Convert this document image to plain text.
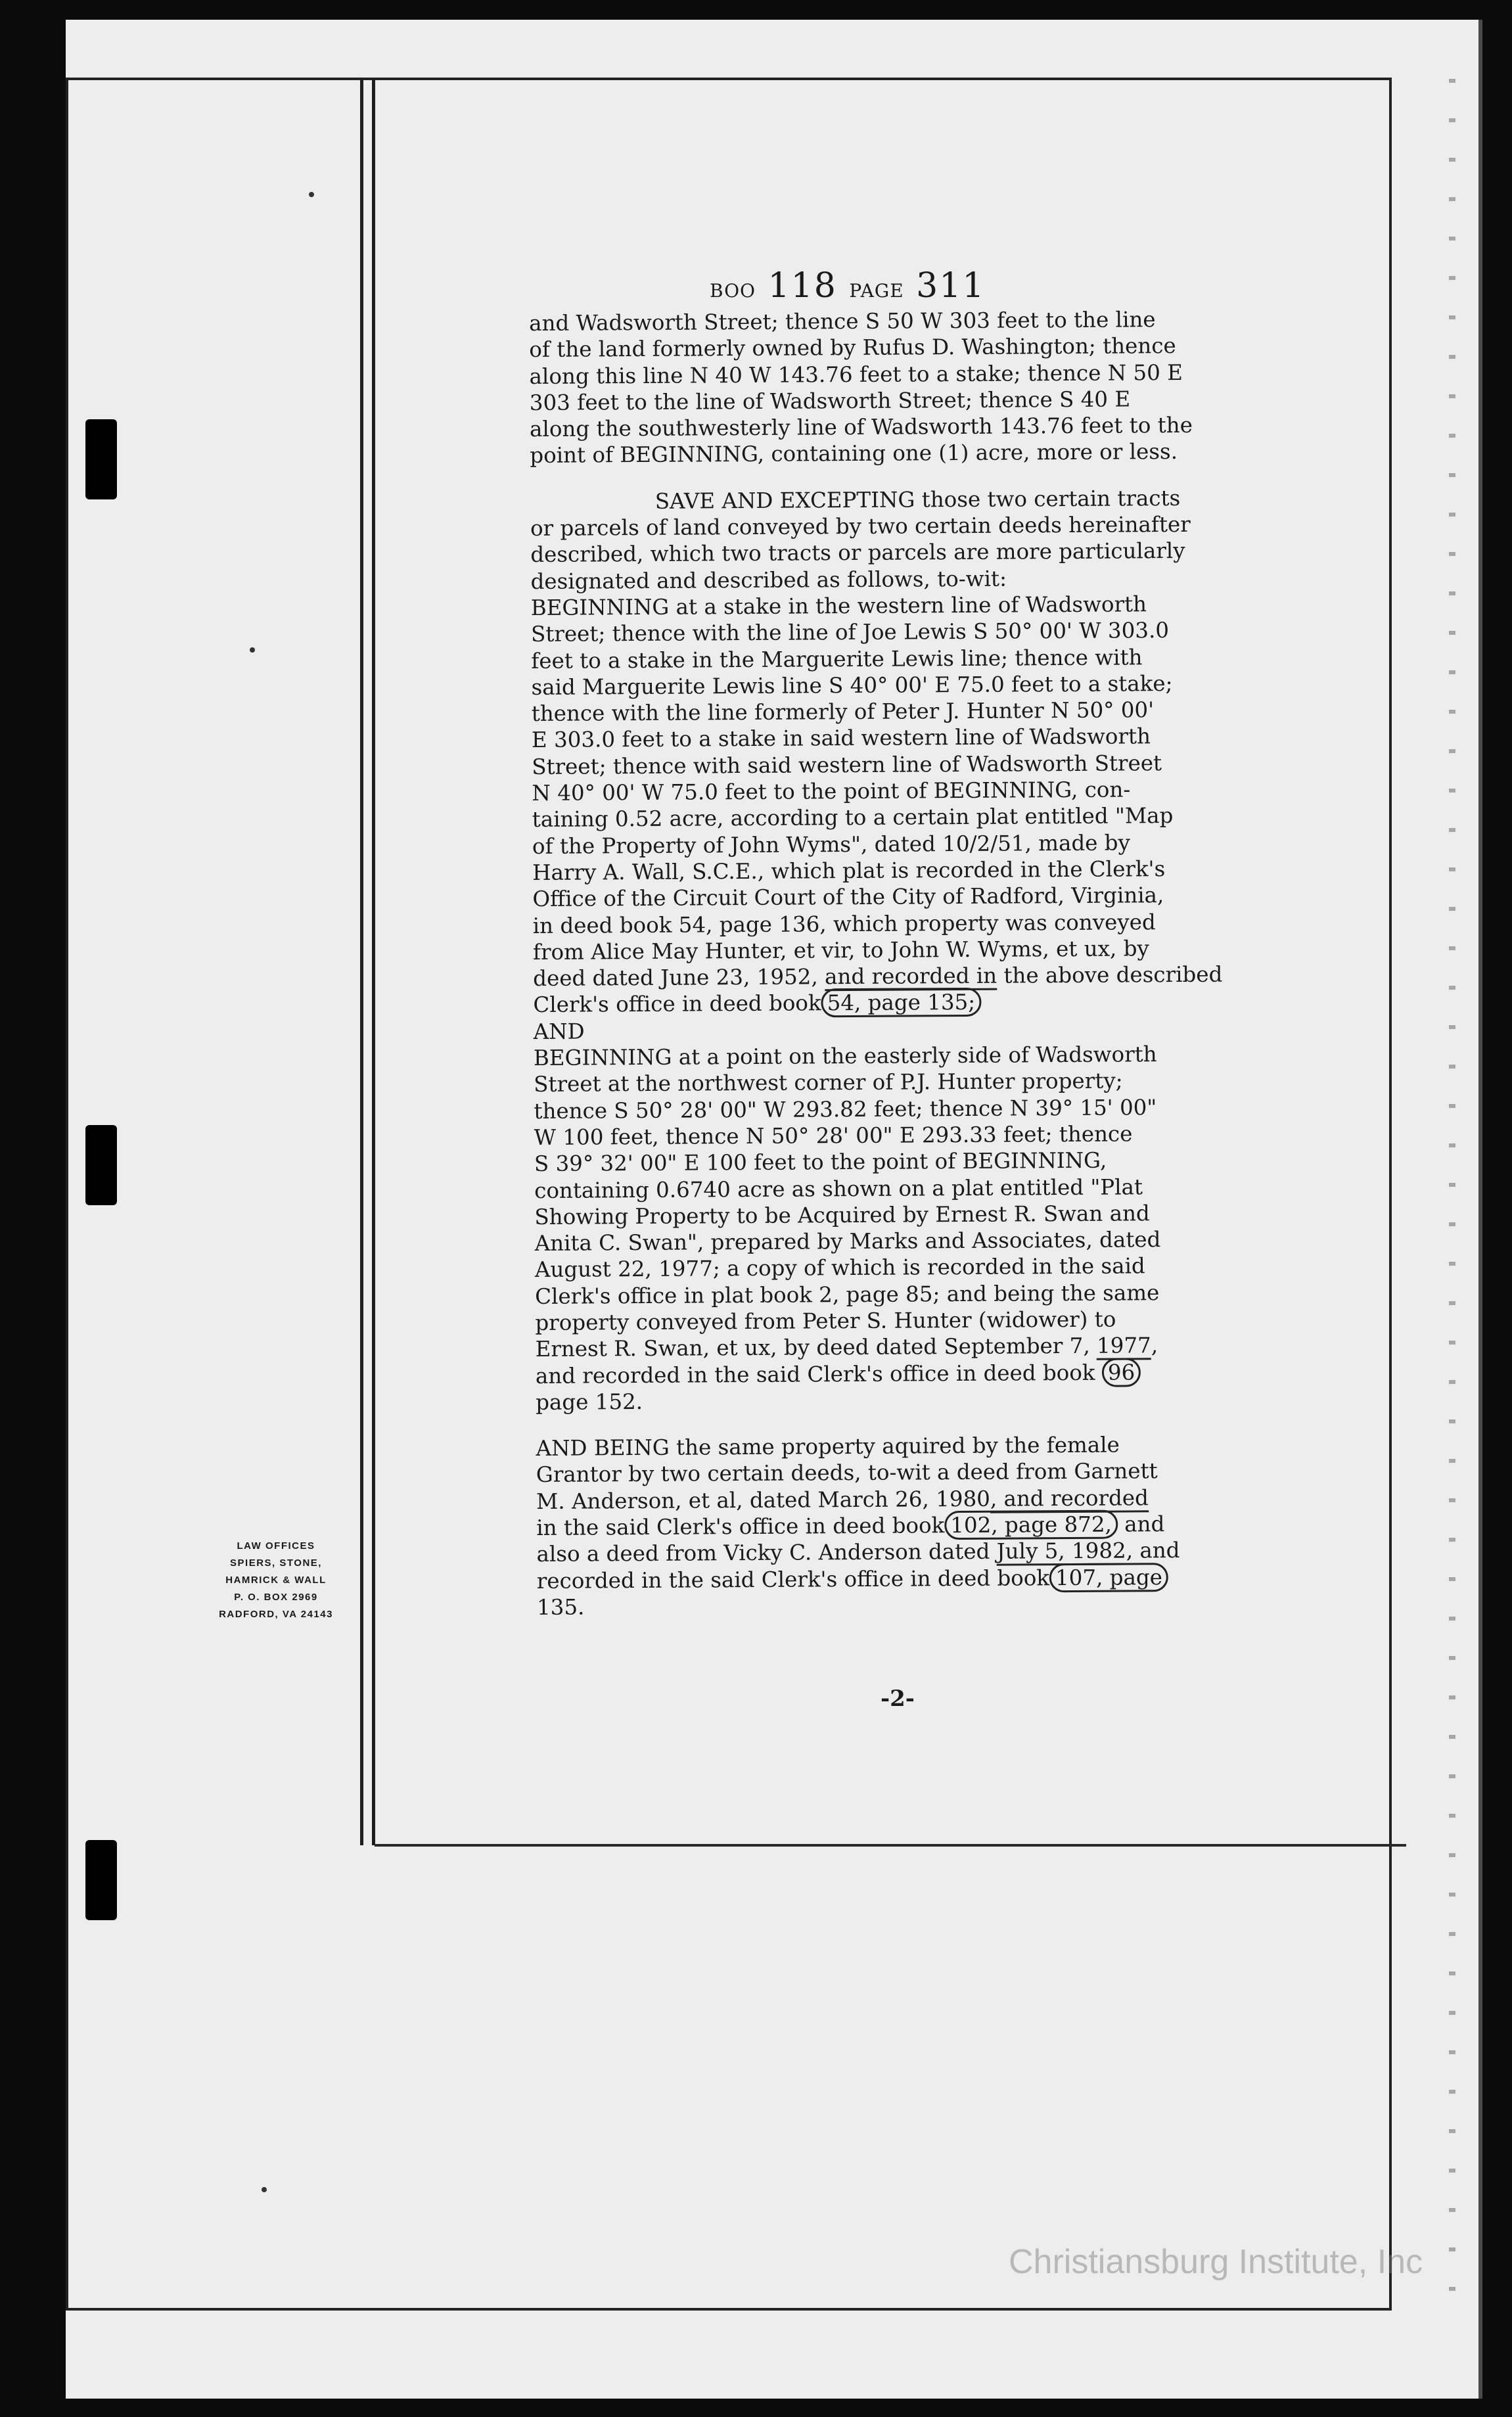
BOO 118 PAGE 311
and Wadsworth Street; thence S 50 W 303 feet to the line
of the land formerly owned by Rufus D. Washington; thence
along this line N 40 W 143.76 feet to a stake; thence N 50 E
303 feet to the line of Wadsworth Street; thence S 40 E
along the southwesterly line of Wadsworth 143.76 feet to the
point of BEGINNING, containing one (1) acre, more or less.
SAVE AND EXCEPTING those two certain tracts
or parcels of land conveyed by two certain deeds hereinafter
described, which two tracts or parcels are more particularly
designated and described as follows, to-wit:
BEGINNING at a stake in the western line of Wadsworth
Street; thence with the line of Joe Lewis S 50° 00' W 303.0
feet to a stake in the Marguerite Lewis line; thence with
said Marguerite Lewis line S 40° 00' E 75.0 feet to a stake;
thence with the line formerly of Peter J. Hunter N 50° 00'
E 303.0 feet to a stake in said western line of Wadsworth
Street; thence with said western line of Wadsworth Street
N 40° 00' W 75.0 feet to the point of BEGINNING, con-
taining 0.52 acre, according to a certain plat entitled "Map
of the Property of John Wyms", dated 10/2/51, made by
Harry A. Wall, S.C.E., which plat is recorded in the Clerk's
Office of the Circuit Court of the City of Radford, Virginia,
in deed book 54, page 136, which property was conveyed
from Alice May Hunter, et vir, to John W. Wyms, et ux, by
deed dated June 23, 1952, and recorded in the above described
Clerk's office in deed book 54, page 135;
AND
BEGINNING at a point on the easterly side of Wadsworth
Street at the northwest corner of P.J. Hunter property;
thence S 50° 28' 00" W 293.82 feet; thence N 39° 15' 00"
W 100 feet, thence N 50° 28' 00" E 293.33 feet; thence
S 39° 32' 00" E 100 feet to the point of BEGINNING,
containing 0.6740 acre as shown on a plat entitled "Plat
Showing Property to be Acquired by Ernest R. Swan and
Anita C. Swan", prepared by Marks and Associates, dated
August 22, 1977; a copy of which is recorded in the said
Clerk's office in plat book 2, page 85; and being the same
property conveyed from Peter S. Hunter (widower) to
Ernest R. Swan, et ux, by deed dated September 7, 1977,
and recorded in the said Clerk's office in deed book 96
page 152.
AND BEING the same property aquired by the female
Grantor by two certain deeds, to-wit a deed from Garnett
M. Anderson, et al, dated March 26, 1980, and recorded
in the said Clerk's office in deed book 102, page 872, and
also a deed from Vicky C. Anderson dated July 5, 1982, and
recorded in the said Clerk's office in deed book 107, page
135.
-2-
LAW OFFICES
SPIERS, STONE,
HAMRICK & WALL
P. O. BOX 2969
RADFORD, VA 24143
Christiansburg Institute, Inc
